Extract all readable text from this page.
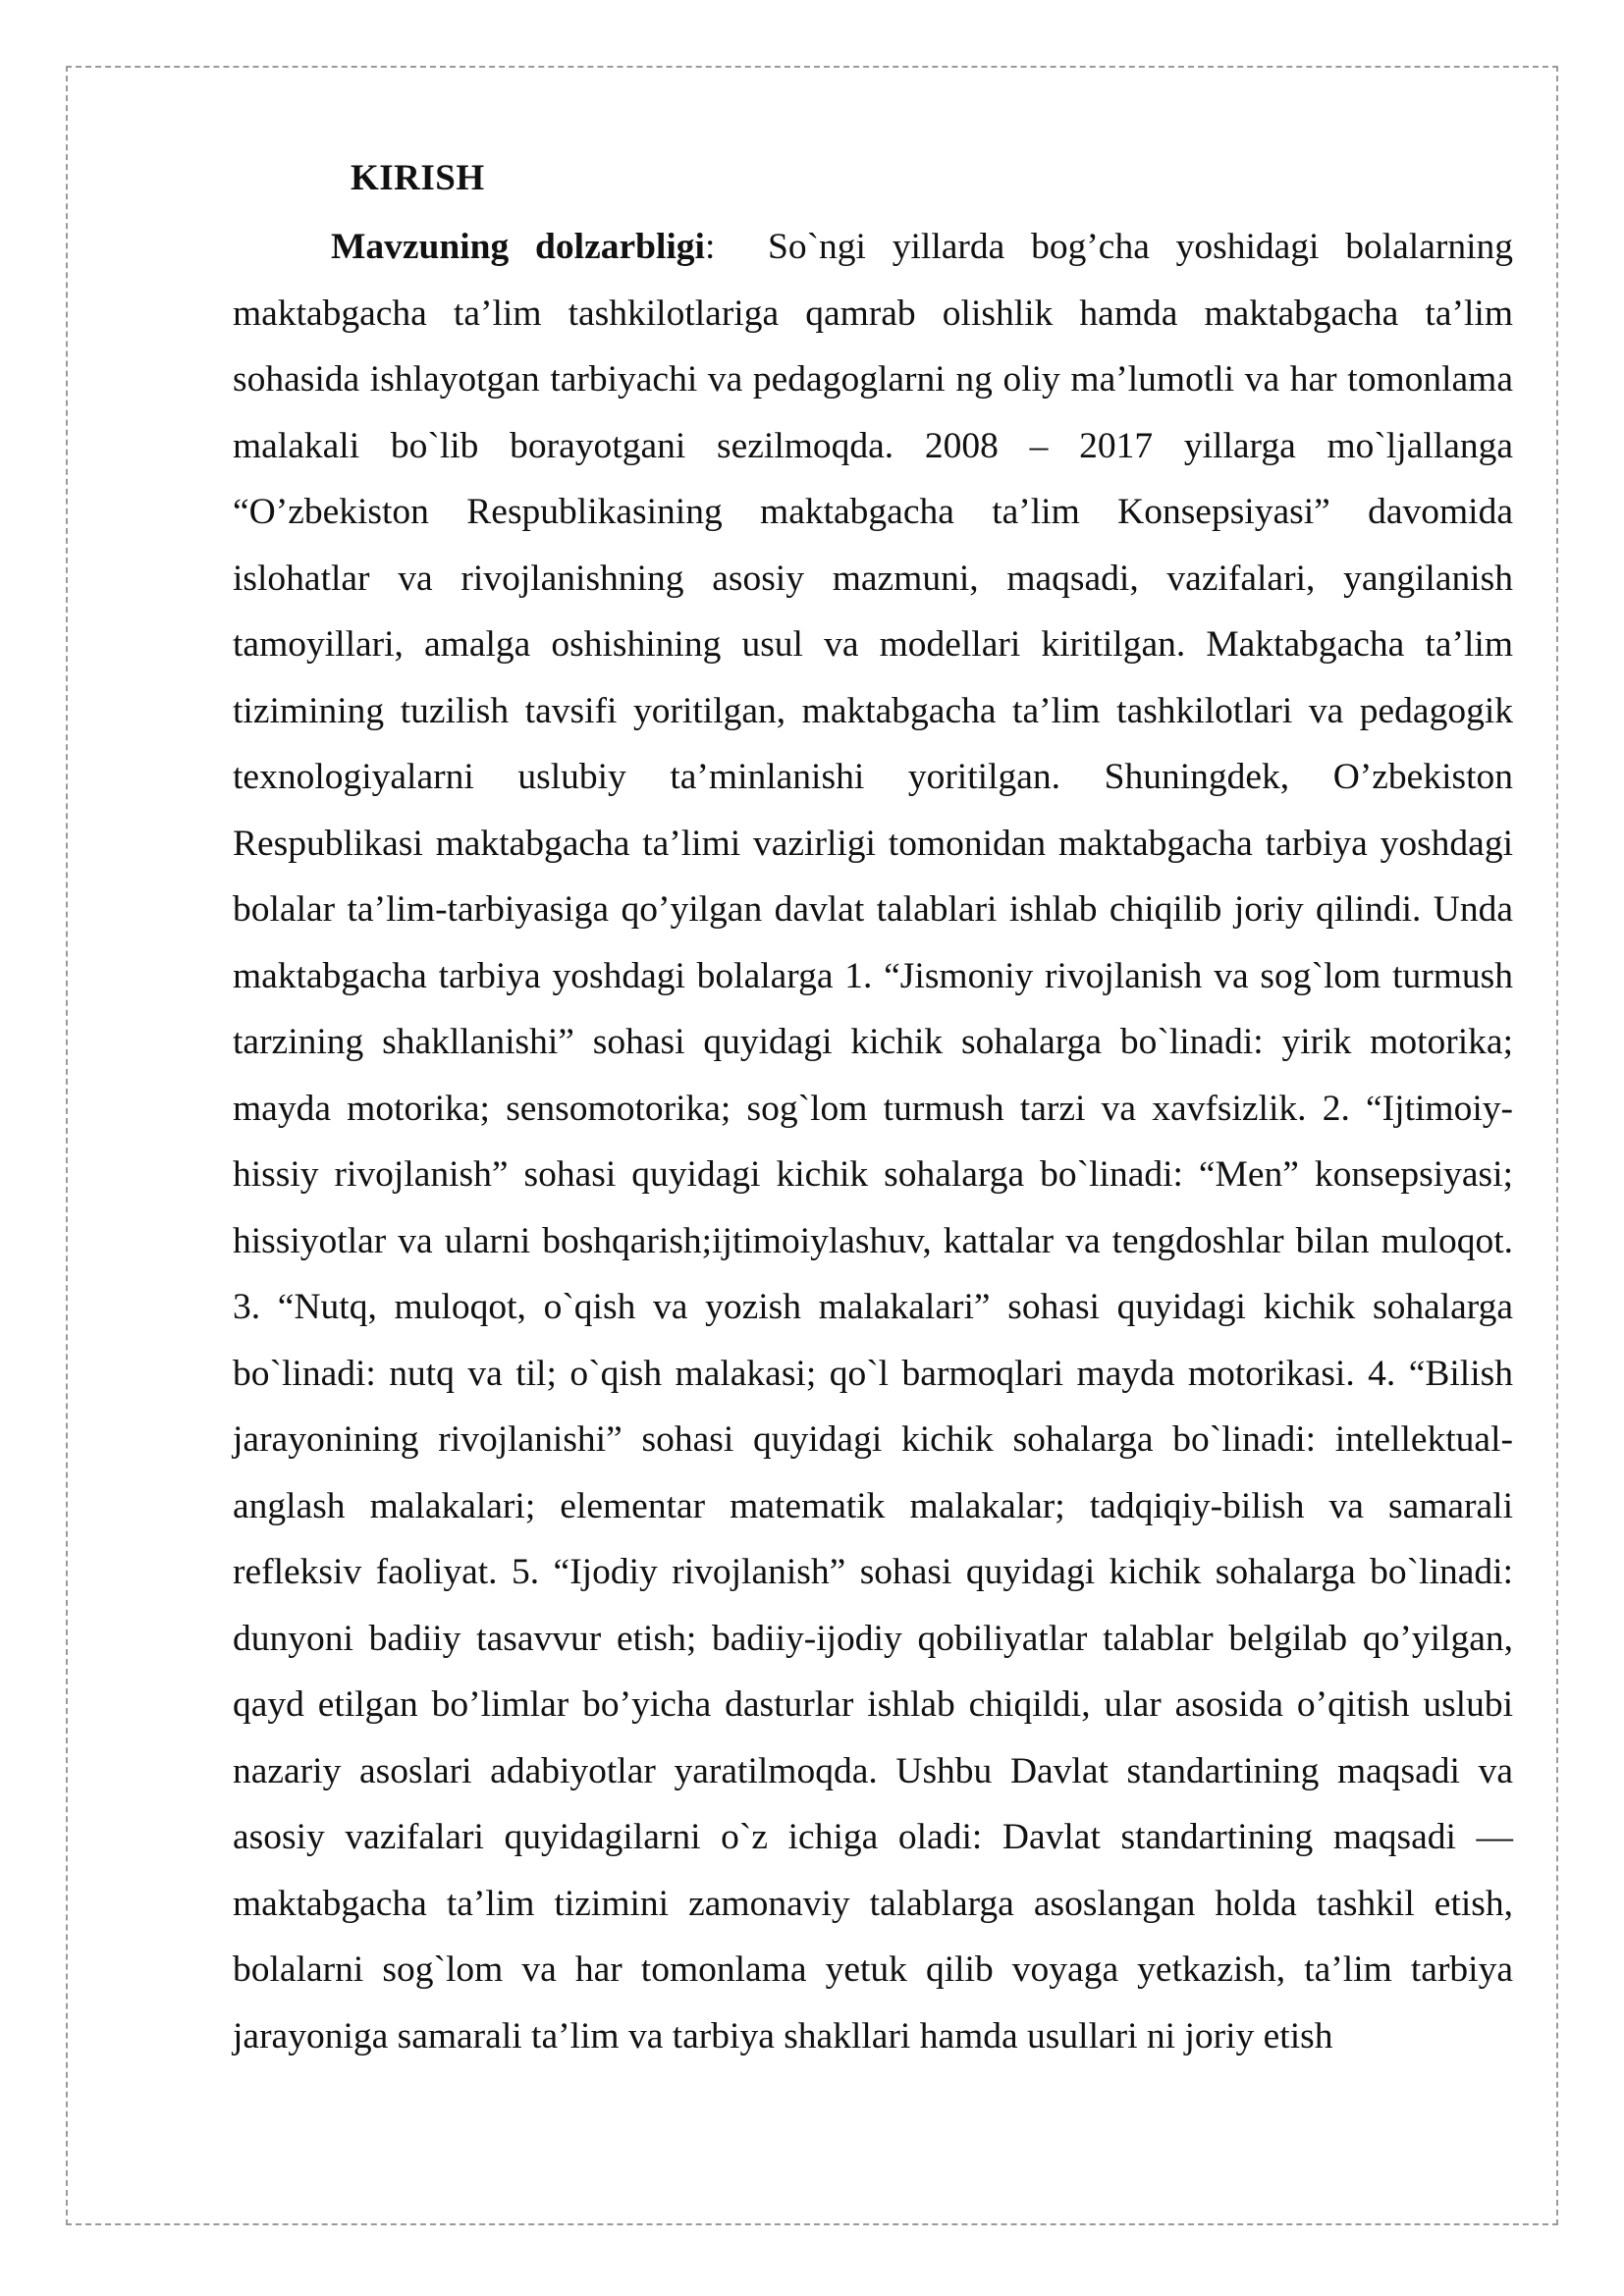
KIRISH

Mavzuning dolzarbligi: So`ngi yillarda bog’cha yoshidagi bolalarning maktabgacha ta’lim tashkilotlariga qamrab olishlik hamda maktabgacha ta’lim sohasida ishlayotgan tarbiyachi va pedagoglarni ng oliy ma’lumotli va har tomonlama malakali bo`lib borayotgani sezilmoqda. 2008 – 2017 yillarga mo`ljallanga “O’zbekiston Respublikasining maktabgacha ta’lim Konsepsiyasi” davomida islohatlar va rivojlanishning asosiy mazmuni, maqsadi, vazifalari, yangilanish tamoyillari, amalga oshishining usul va modellari kiritilgan. Maktabgacha ta’lim tizimining tuzilish tavsifi yoritilgan, maktabgacha ta’lim tashkilotlari va pedagogik texnologiyalarni uslubiy ta’minlanishi yoritilgan. Shuningdek, O’zbekiston Respublikasi maktabgacha ta’limi vazirligi tomonidan maktabgacha tarbiya yoshdagi bolalar ta’lim-tarbiyasiga qo’yilgan davlat talablari ishlab chiqilib joriy qilindi. Unda maktabgacha tarbiya yoshdagi bolalarga 1. “Jismoniy rivojlanish va sog`lom turmush tarzining shakllanishi” sohasi quyidagi kichik sohalarga bo`linadi: yirik motorika; mayda motorika; sensomotorika; sog`lom turmush tarzi va xavfsizlik. 2. “Ijtimoiy-hissiy rivojlanish” sohasi quyidagi kichik sohalarga bo`linadi: “Men” konsepsiyasi; hissiyotlar va ularni boshqarish;ijtimoiylashuv, kattalar va tengdoshlar bilan muloqot. 3. “Nutq, muloqot, o`qish va yozish malakalari” sohasi quyidagi kichik sohalarga bo`linadi: nutq va til; o`qish malakasi; qo`l barmoqlari mayda motorikasi. 4. “Bilish jarayonining rivojlanishi” sohasi quyidagi kichik sohalarga bo`linadi: intellektual-anglash malakalari; elementar matematik malakalar; tadqiqiy-bilish va samarali refleksiv faoliyat. 5. “Ijodiy rivojlanish” sohasi quyidagi kichik sohalarga bo`linadi: dunyoni badiiy tasavvur etish; badiiy-ijodiy qobiliyatlar talablar belgilab qo’yilgan, qayd etilgan bo’limlar bo’yicha dasturlar ishlab chiqildi, ular asosida o’qitish uslubi nazariy asoslari adabiyotlar yaratilmoqda. Ushbu Davlat standartining maqsadi va asosiy vazifalari quyidagilarni o`z ichiga oladi: Davlat standartining maqsadi — maktabgacha ta’lim tizimini zamonaviy talablarga asoslangan holda tashkil etish, bolalarni sog`lom va har tomonlama yetuk qilib voyaga yetkazish, ta’lim tarbiya jarayoniga samarali ta’lim va tarbiya shakllari hamda usullari ni joriy etish
